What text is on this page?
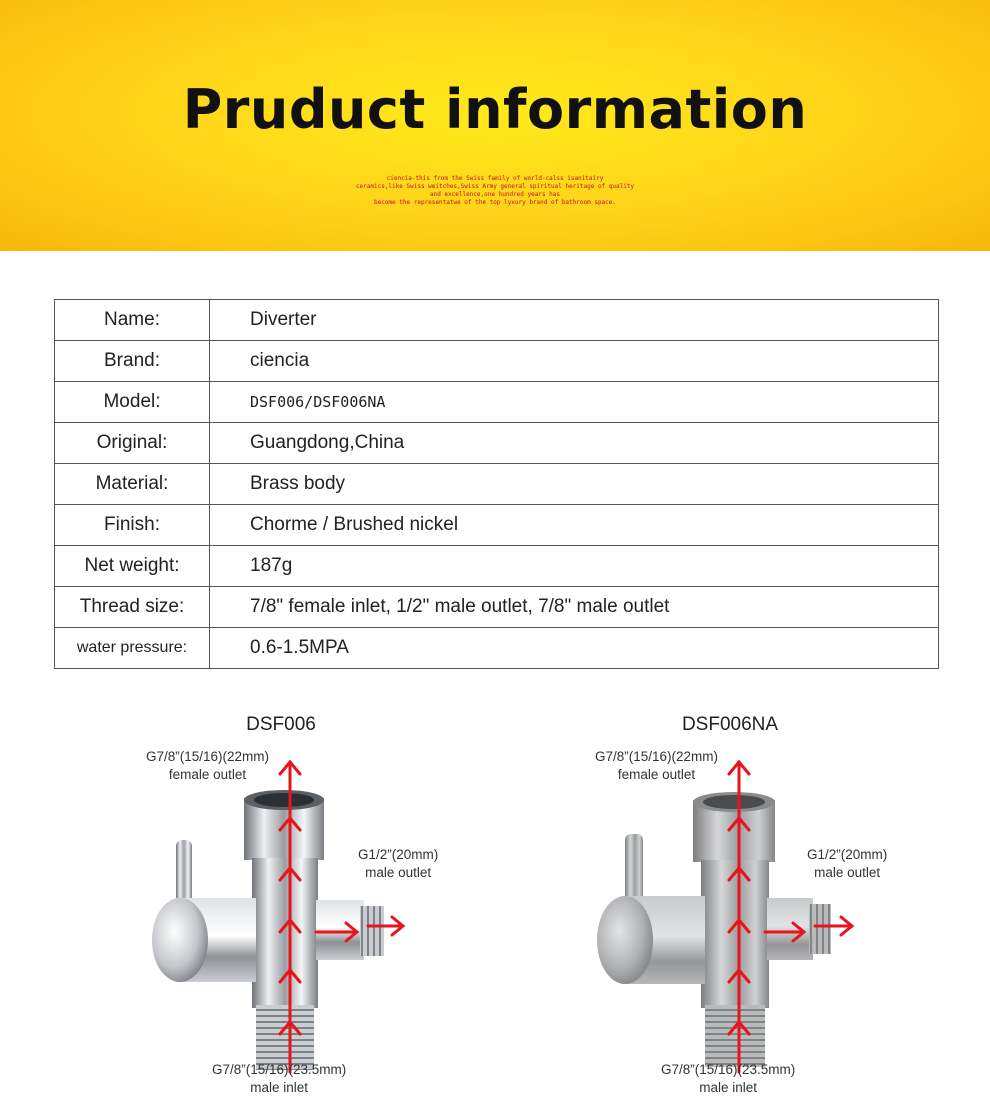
Pruduct information
ciencia-this from the Swiss family of world-calss isanitairy
ceramics,like Swiss weitches,Swiss Army general spiritual heritage of quality
and excellence,one hundred years has
become the representatwe of the top lyxury brand of bathroom space.
Name:	Diverter
Brand:	ciencia
Model:	DSF006/DSF006NA
Original:	Guangdong,China
Material:	Brass body
Finish:	Chorme / Brushed nickel
Net weight:	187g
Thread size:	7/8" female inlet, 1/2" male outlet, 7/8" male outlet
water pressure:	0.6-1.5MPA
DSF006
G7/8”(15/16)(22mm)
female outlet
G1/2”(20mm)
male outlet
G7/8”(15/16)(23.5mm)
male inlet
DSF006NA
G7/8”(15/16)(22mm)
female outlet
G1/2”(20mm)
male outlet
G7/8”(15/16)(23.5mm)
male inlet
